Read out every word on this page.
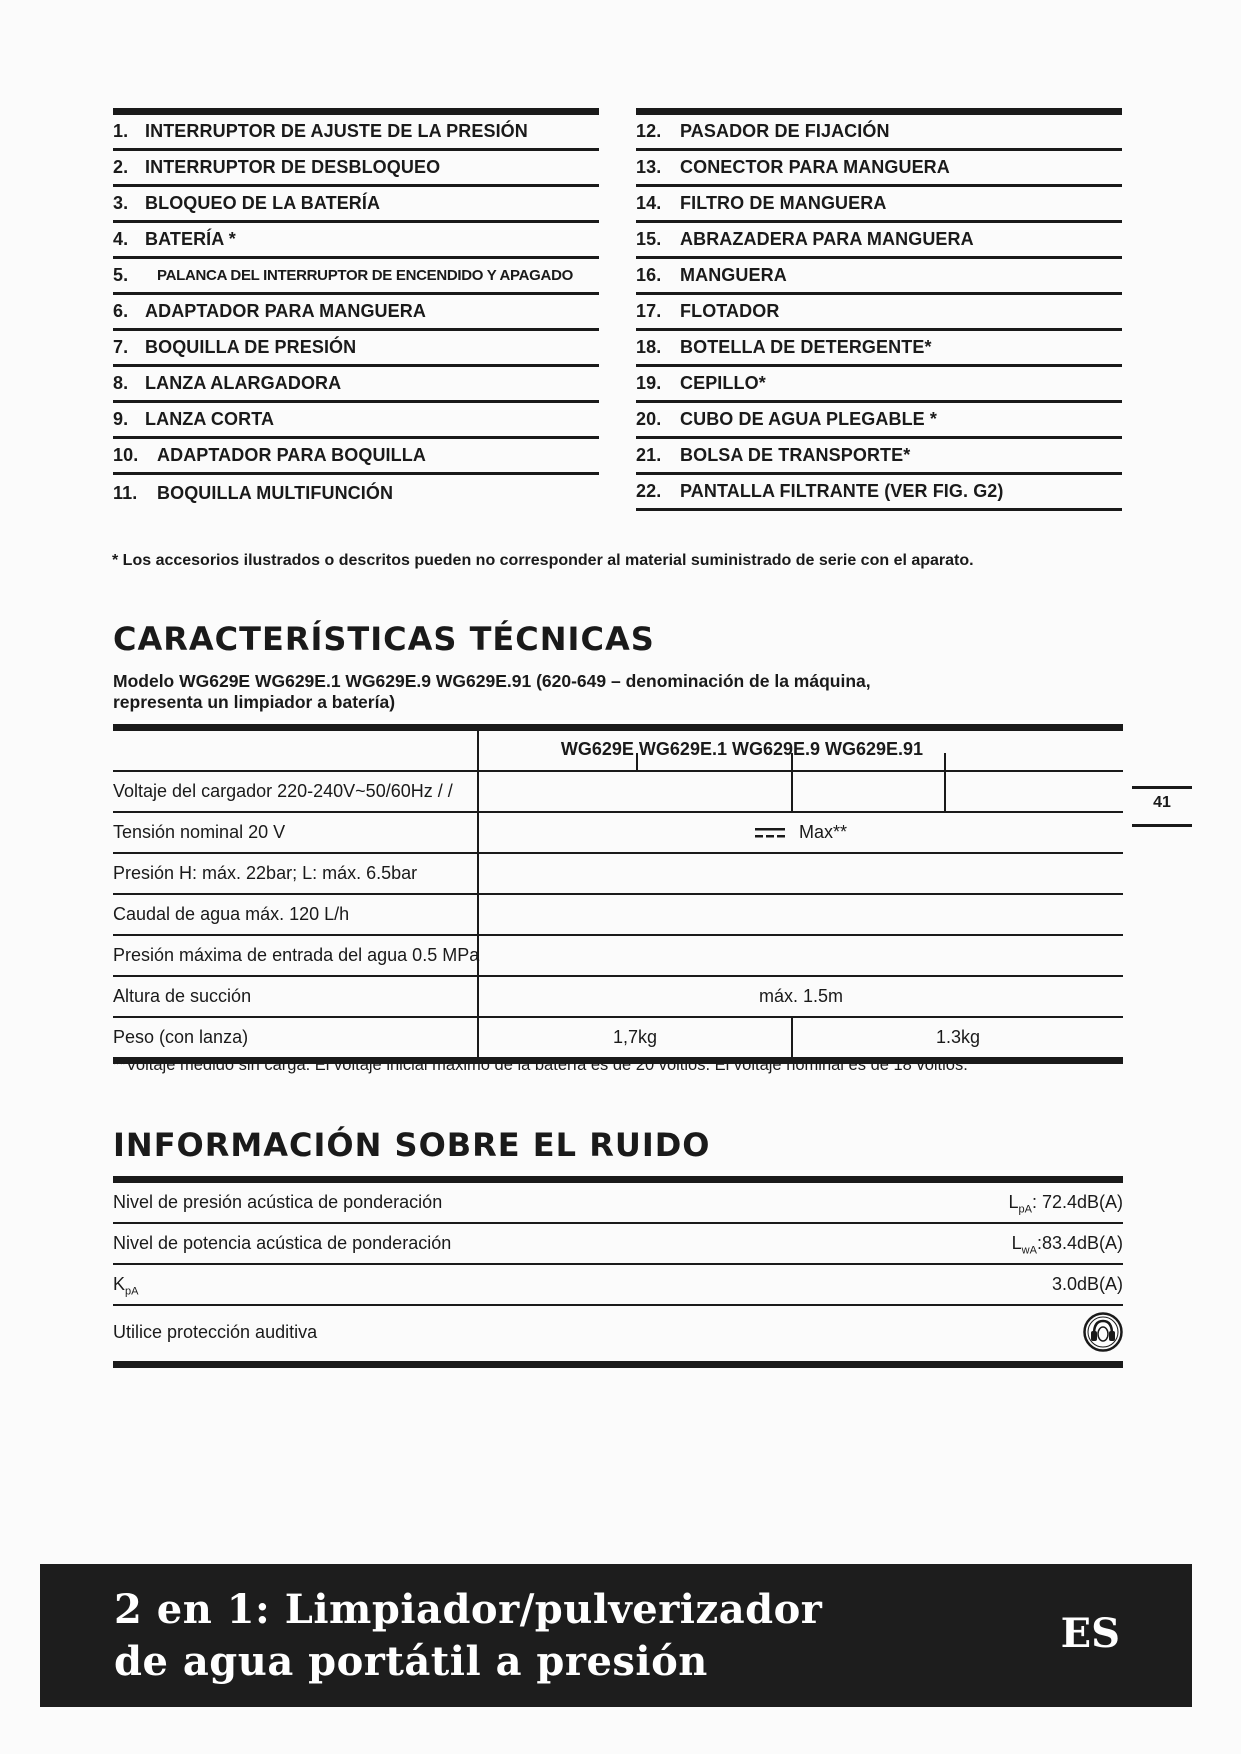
1. INTERRUPTOR DE AJUSTE DE LA PRESIÓN
2. INTERRUPTOR DE DESBLOQUEO
3. BLOQUEO DE LA BATERÍA
4. BATERÍA *
5.	PALANCA DEL INTERRUPTOR DE ENCENDIDO Y APAGADO
6. ADAPTADOR PARA MANGUERA
7. BOQUILLA DE PRESIÓN
8. LANZA ALARGADORA
9. LANZA CORTA
10.	ADAPTADOR PARA BOQUILLA
11.	BOQUILLA MULTIFUNCIÓN
12.	PASADOR DE FIJACIÓN
13.	CONECTOR PARA MANGUERA
14.	FILTRO DE MANGUERA
15.	ABRAZADERA PARA MANGUERA
16.	MANGUERA
17.	FLOTADOR
18.	BOTELLA DE DETERGENTE*
19.	CEPILLO*
20.	CUBO DE AGUA PLEGABLE *
21.	BOLSA DE TRANSPORTE*
22.	PANTALLA FILTRANTE (VER FIG. G2)
* Los accesorios ilustrados o descritos pueden no corresponder al material suministrado de serie con el aparato.
CARACTERÍSTICAS TÉCNICAS
Modelo WG629E WG629E.1 WG629E.9 WG629E.91 (620-649 – denominación de la máquina,
representa un limpiador a batería)
WG629E WG629E.1 WG629E.9 WG629E.91
Voltaje del cargador 220-240V~50/60Hz / /
Tensión nominal 20 V	Max**
Presión H: máx. 22bar; L: máx. 6.5bar
Caudal de agua máx. 120 L/h
Presión máxima de entrada del agua 0.5 MPa
Altura de succión	máx. 1.5m
Peso (con lanza)	1,7kg	1.3kg
**Voltaje medido sin carga. El voltaje inicial máximo de la batería es de 20 voltios. El voltaje nominal es de 18 voltios.
INFORMACIÓN SOBRE EL RUIDO
Nivel de presión acústica de ponderación	$L_{pA}$: 72.4dB(A)
Nivel de potencia acústica de ponderación	$L_{wA}:83.4dB(A)$
$K_{pA}$	3.0dB(A)
Utilice protección auditiva
41
2 en 1: Limpiador/pulverizador
de agua portátil a presión
ES
